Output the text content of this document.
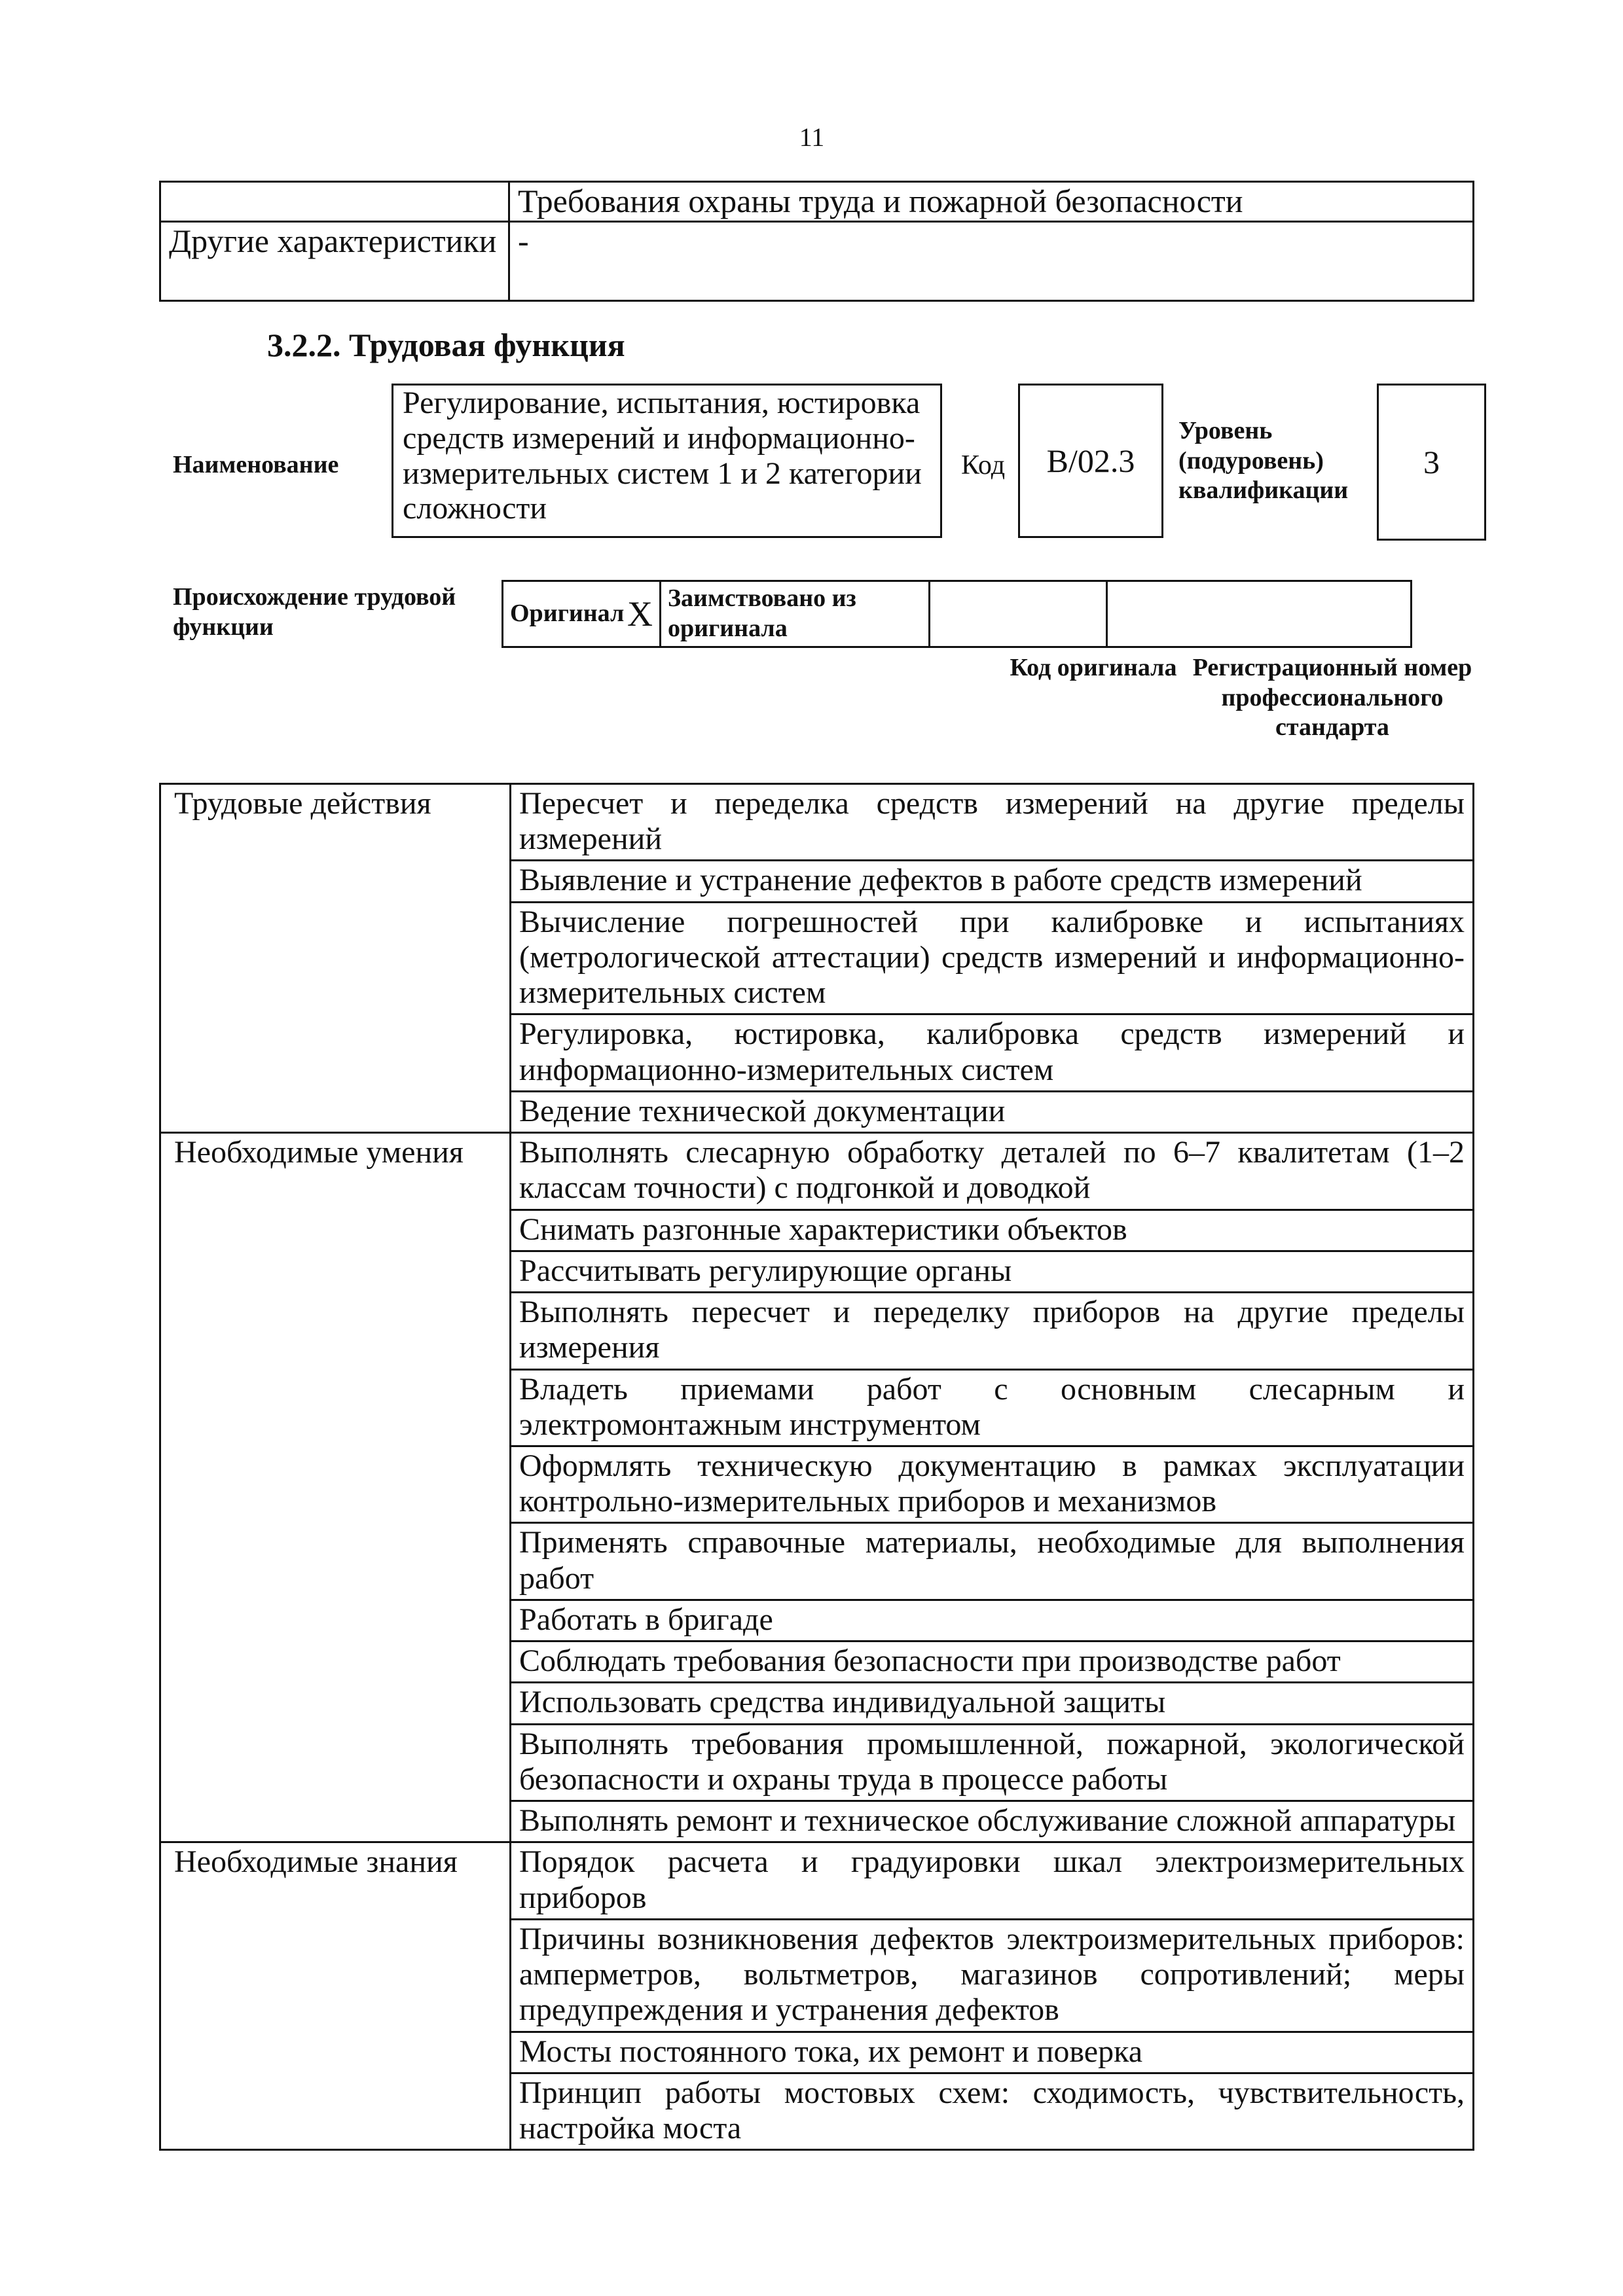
11
	Требования охраны труда и пожарной безопасности
Другие характеристики	-
3.2.2. Трудовая функция
Наименование
Регулирование, испытания, юстировка средств измерений и информационно-измерительных систем 1 и 2 категории сложности
Код	B/02.3
Уровень (подуровень) квалификации
3
Происхождение трудовой функции	Оригинал X	Заимствовано из оригинала		
Код оригинала Регистрационный номер профессионального стандарта
Трудовые действия	Пересчет и переделка средств измерений на другие пределы измерений
	Выявление и устранение дефектов в работе средств измерений
	Вычисление погрешностей при калибровке и испытаниях (метрологической аттестации) средств измерений и информационно-измерительных систем
	Регулировка, юстировка, калибровка средств измерений и информационно-измерительных систем
	Ведение технической документации
Необходимые умения	Выполнять слесарную обработку деталей по 6–7 квалитетам (1–2 классам точности) с подгонкой и доводкой
	Снимать разгонные характеристики объектов
	Рассчитывать регулирующие органы
	Выполнять пересчет и переделку приборов на другие пределы измерения
	Владеть приемами работ с основным слесарным и электромонтажным инструментом
	Оформлять техническую документацию в рамках эксплуатации контрольно-измерительных приборов и механизмов
	Применять справочные материалы, необходимые для выполнения работ
	Работать в бригаде
	Соблюдать требования безопасности при производстве работ
	Использовать средства индивидуальной защиты
	Выполнять требования промышленной, пожарной, экологической безопасности и охраны труда в процессе работы
	Выполнять ремонт и техническое обслуживание сложной аппаратуры
Необходимые знания	Порядок расчета и градуировки шкал электроизмерительных приборов
	Причины возникновения дефектов электроизмерительных приборов: амперметров, вольтметров, магазинов сопротивлений; меры предупреждения и устранения дефектов
	Мосты постоянного тока, их ремонт и поверка
	Принцип работы мостовых схем: сходимость, чувствительность, настройка моста
